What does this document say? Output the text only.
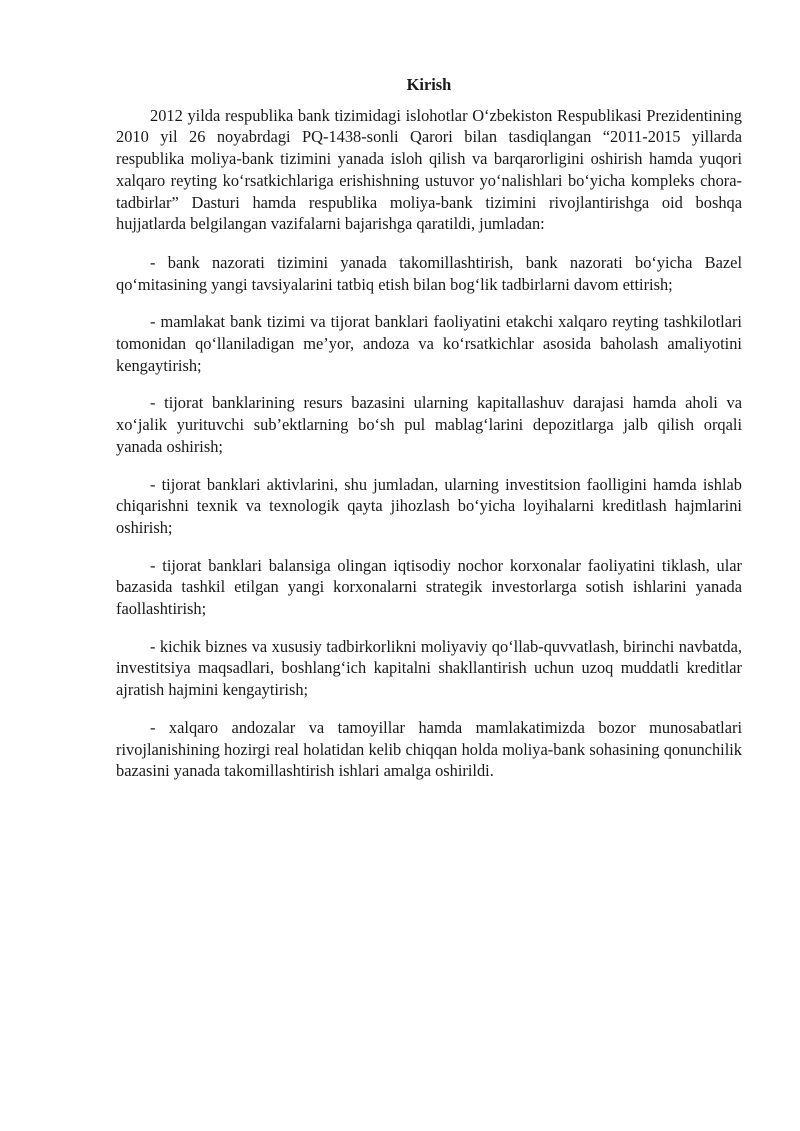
Kirish

2012 yilda respublika bank tizimidagi islohotlar O‘zbekiston Respublikasi Prezidentining 2010 yil 26 noyabrdagi PQ-1438-sonli Qarori bilan tasdiqlangan “2011-2015 yillarda respublika moliya-bank tizimini yanada isloh qilish va barqarorligini oshirish hamda yuqori xalqaro reyting ko‘rsatkichlariga erishishning ustuvor yo‘nalishlari bo‘yicha kompleks chora-tadbirlar” Dasturi hamda respublika moliya-bank tizimini rivojlantirishga oid boshqa hujjatlarda belgilangan vazifalarni bajarishga qaratildi, jumladan:

- bank nazorati tizimini yanada takomillashtirish, bank nazorati bo‘yicha Bazel qo‘mitasining yangi tavsiyalarini tatbiq etish bilan bog‘lik tadbirlarni davom ettirish;

- mamlakat bank tizimi va tijorat banklari faoliyatini etakchi xalqaro reyting tashkilotlari tomonidan qo‘llaniladigan me’yor, andoza va ko‘rsatkichlar asosida baholash amaliyotini kengaytirish;

- tijorat banklarining resurs bazasini ularning kapitallashuv darajasi hamda aholi va xo‘jalik yurituvchi sub’ektlarning bo‘sh pul mablag‘larini depozitlarga jalb qilish orqali yanada oshirish;

- tijorat banklari aktivlarini, shu jumladan, ularning investitsion faolligini hamda ishlab chiqarishni texnik va texnologik qayta jihozlash bo‘yicha loyihalarni kreditlash hajmlarini oshirish;

- tijorat banklari balansiga olingan iqtisodiy nochor korxonalar faoliyatini tiklash, ular bazasida tashkil etilgan yangi korxonalarni strategik investorlarga sotish ishlarini yanada faollashtirish;

- kichik biznes va xususiy tadbirkorlikni moliyaviy qo‘llab-quvvatlash, birinchi navbatda, investitsiya maqsadlari, boshlang‘ich kapitalni shakllantirish uchun uzoq muddatli kreditlar ajratish hajmini kengaytirish;

- xalqaro andozalar va tamoyillar hamda mamlakatimizda bozor munosabatlari rivojlanishining hozirgi real holatidan kelib chiqqan holda moliya-bank sohasining qonunchilik bazasini yanada takomillashtirish ishlari amalga oshirildi.
